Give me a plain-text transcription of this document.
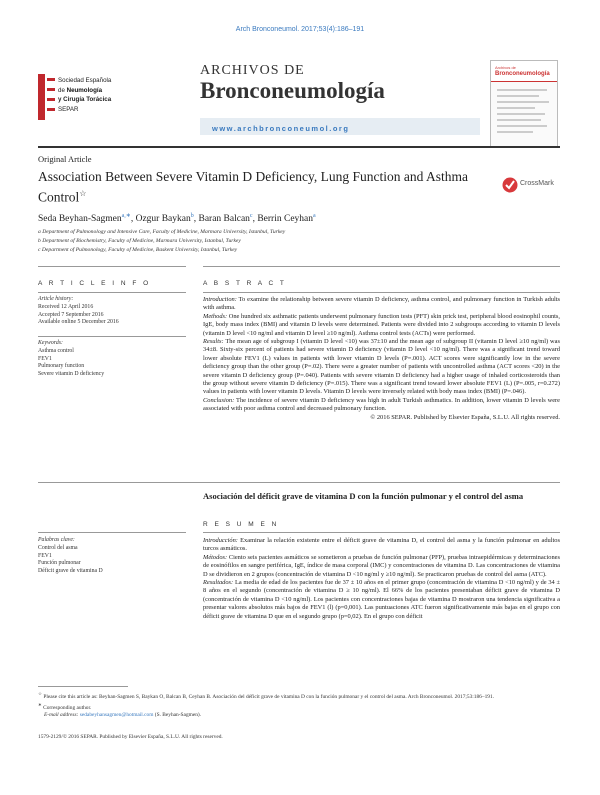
Arch Bronconeumol. 2017;53(4):186–191
Sociedad Española
de Neumología
y Cirugía Torácica
SEPAR
ARCHIVOS DE
Bronconeumología
www.archbronconeumol.org
Archivos de
Bronconeumología
Original Article
Association Between Severe Vitamin D Deficiency, Lung Function and Asthma Control☆
CrossMark
Seda Beyhan-Sagmen$^{a,∗}$, Ozgur Baykan$^b$, Baran Balcan$^c$, Berrin Ceyhan$^a$
a Department of Pulmonology and Intensive Care, Faculty of Medicine, Marmara University, Istanbul, Turkey
b Department of Biochemistry, Faculty of Medicine, Marmara University, Istanbul, Turkey
c Department of Pulmonology, Faculty of Medicine, Baskent University, Istanbul, Turkey
A R T I C L E I N F O
Article history:
Received 12 April 2016
Accepted 7 September 2016
Available online 5 December 2016
Keywords:
Asthma control
FEV1
Pulmonary function
Severe vitamin D deficiency
A B S T R A C T
Introduction: To examine the relationship between severe vitamin D deficiency, asthma control, and pulmonary function in Turkish adults with asthma.
Methods: One hundred six asthmatic patients underwent pulmonary function tests (PFT) skin prick test, peripheral blood eosinophil counts, IgE, body mass index (BMI) and vitamin D levels were determined. Patients were divided into 2 subgroups according to vitamin D levels (vitamin D level <10 ng/ml and vitamin D level ≥10 ng/ml). Asthma control tests (ACTs) were performed.
Results: The mean age of subgroup I (vitamin D level <10) was 37±10 and the mean age of subgroup II (vitamin D level ≥10 ng/ml) was 34±8. Sixty-six percent of patients had severe vitamin D deficiency (vitamin D level <10 ng/ml). There was a significant trend toward lower absolute FEV1 (L) values in patients with lower vitamin D levels (P=.001). ACT scores were significantly low in the severe deficiency group than the other group (P=.02). There were a greater number of patients with uncontrolled asthma (ACT scores <20) in the severe vitamin D deficiency group (P=.040). Patients with severe vitamin D deficiency had a higher usage of inhaled corticosteroids than the group without severe vitamin D deficiency (P=.015). There was a significant trend toward lower absolute FEV1 (L) (P=.005, r=0.272) values in patients with lower vitamin D levels. Vitamin D levels were inversely related with body mass index (BMI) (P=.046).
Conclusion: The incidence of severe vitamin D deficiency was high in adult Turkish asthmatics. In addition, lower vitamin D levels were associated with poor asthma control and decreased pulmonary function.
© 2016 SEPAR. Published by Elsevier España, S.L.U. All rights reserved.
Asociación del déficit grave de vitamina D con la función pulmonar y el control del asma
R E S U M E N
Palabras clave:
Control del asma
FEV1
Función pulmonar
Déficit grave de vitamina D
Introducción: Examinar la relación existente entre el déficit grave de vitamina D, el control del asma y la función pulmonar en adultos turcos asmáticos.
Métodos: Ciento seis pacientes asmáticos se sometieron a pruebas de función pulmonar (PFP), pruebas intraepidérmicas y determinaciones de eosinófilos en sangre periférica, IgE, índice de masa corporal (IMC) y concentraciones de vitamina D. Las concentraciones de vitamina D se dividieron en 2 grupos (concentración de vitamina D <10 ng/ml y ≥10 ng/ml). Se practicaron pruebas de control del asma (ATC).
Resultados: La media de edad de los pacientes fue de 37 ± 10 años en el primer grupo (concentración de vitamina D <10 ng/ml) y de 34 ± 8 años en el segundo (concentración de vitamina D ≥ 10 ng/ml). El 66% de los pacientes presentaban déficit grave de vitamina D (concentración de vitamina D <10 ng/ml). Los pacientes con concentraciones bajas de vitamina D mostraron una tendencia significativa a presentar valores absolutos más bajos de FEV1 (l) (p=0,001). Las puntuaciones ATC fueron significativamente más bajas en el grupo con déficit grave de vitamina D que en el segundo grupo (p=0,02). En el grupo con déficit
☆ Please cite this article as: Beyhan-Sagmen S, Baykan O, Balcan B, Ceyhan B. Asociación del déficit grave de vitamina D con la función pulmonar y el control del asma. Arch Bronconeumol. 2017;53:186–191.
∗ Corresponding author.
E-mail address: sedabeyhansagmen@hotmail.com (S. Beyhan-Sagmen).
1579-2129/© 2016 SEPAR. Published by Elsevier España, S.L.U. All rights reserved.
